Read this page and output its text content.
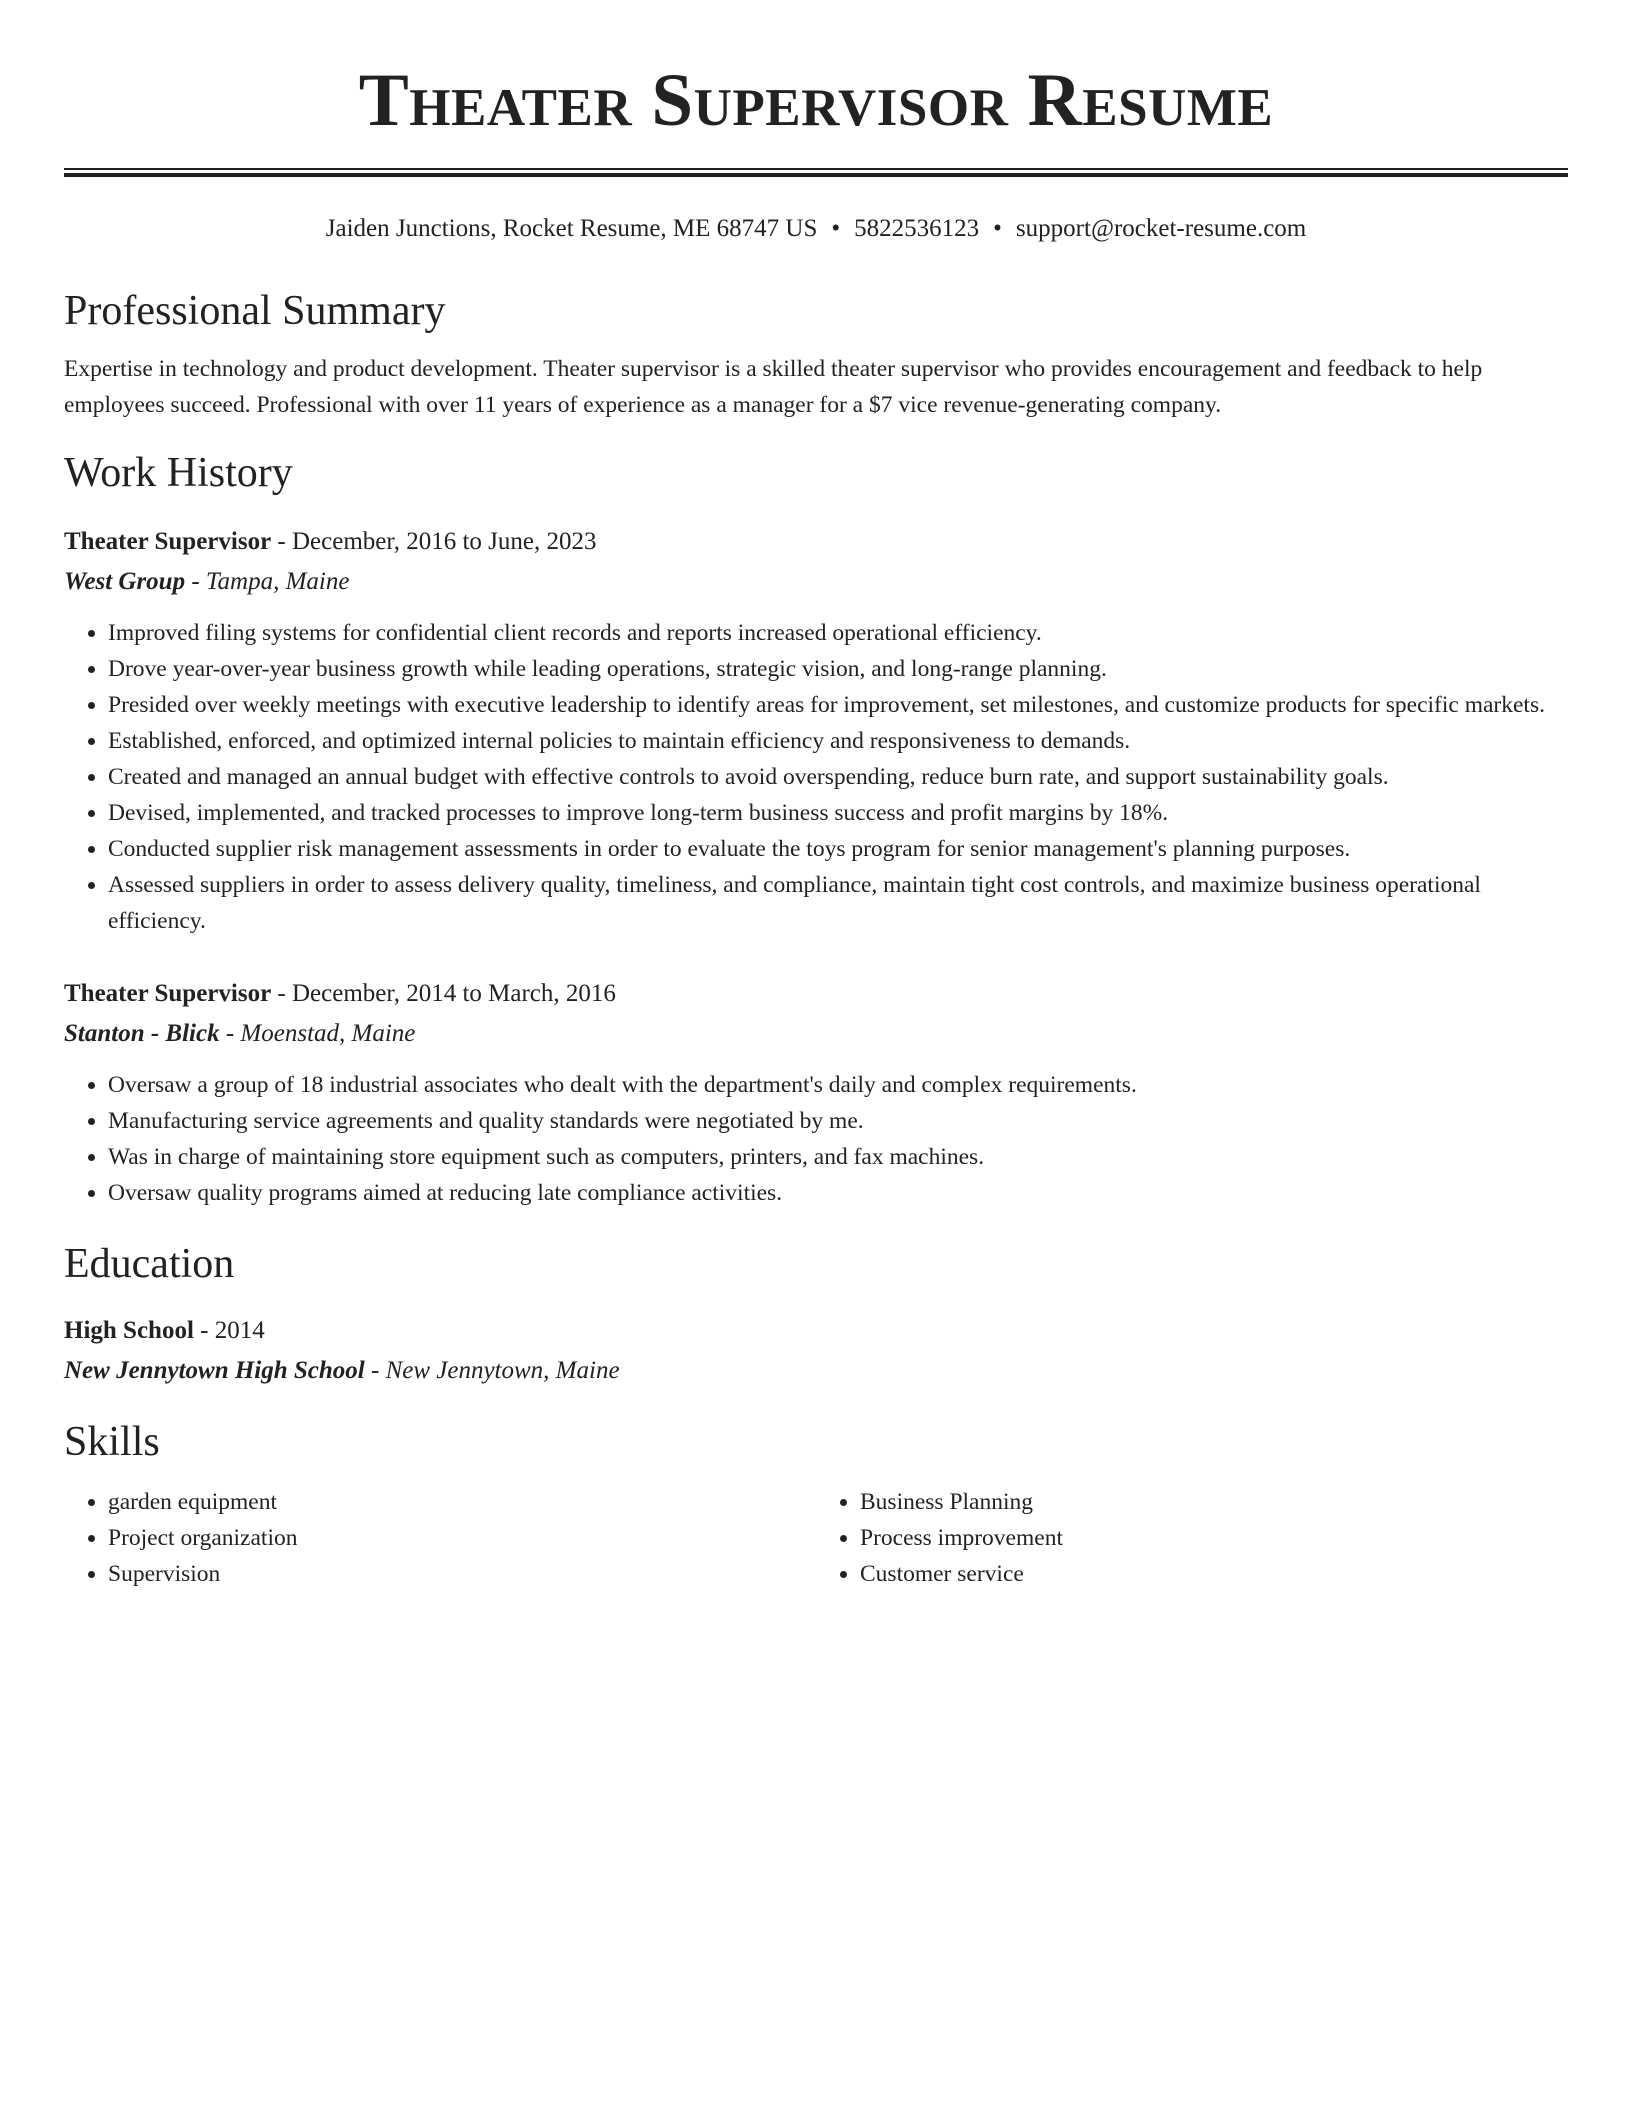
Theater Supervisor Resume
Jaiden Junctions, Rocket Resume, ME 68747 US • 5822536123 • support@rocket-resume.com
Professional Summary
Expertise in technology and product development. Theater supervisor is a skilled theater supervisor who provides encouragement and feedback to help employees succeed. Professional with over 11 years of experience as a manager for a $7 vice revenue-generating company.
Work History
Theater Supervisor - December, 2016 to June, 2023
West Group - Tampa, Maine
• Improved filing systems for confidential client records and reports increased operational efficiency.
• Drove year-over-year business growth while leading operations, strategic vision, and long-range planning.
• Presided over weekly meetings with executive leadership to identify areas for improvement, set milestones, and customize products for specific markets.
• Established, enforced, and optimized internal policies to maintain efficiency and responsiveness to demands.
• Created and managed an annual budget with effective controls to avoid overspending, reduce burn rate, and support sustainability goals.
• Devised, implemented, and tracked processes to improve long-term business success and profit margins by 18%.
• Conducted supplier risk management assessments in order to evaluate the toys program for senior management's planning purposes.
• Assessed suppliers in order to assess delivery quality, timeliness, and compliance, maintain tight cost controls, and maximize business operational efficiency.
Theater Supervisor - December, 2014 to March, 2016
Stanton - Blick - Moenstad, Maine
• Oversaw a group of 18 industrial associates who dealt with the department's daily and complex requirements.
• Manufacturing service agreements and quality standards were negotiated by me.
• Was in charge of maintaining store equipment such as computers, printers, and fax machines.
• Oversaw quality programs aimed at reducing late compliance activities.
Education
High School - 2014
New Jennytown High School - New Jennytown, Maine
Skills
• garden equipment
• Project organization
• Supervision
• Business Planning
• Process improvement
• Customer service
